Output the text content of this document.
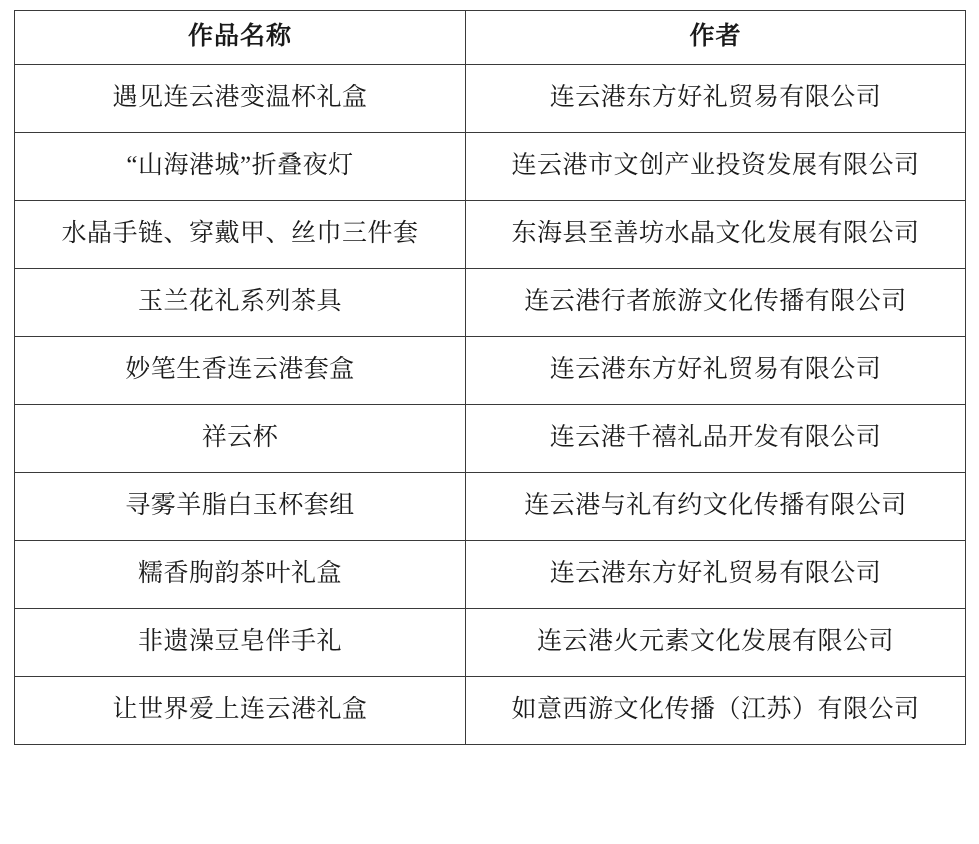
作品名称	作者
遇见连云港变温杯礼盒	连云港东方好礼贸易有限公司
“山海港城”折叠夜灯	连云港市文创产业投资发展有限公司
水晶手链、穿戴甲、丝巾三件套	东海县至善坊水晶文化发展有限公司
玉兰花礼系列茶具	连云港行者旅游文化传播有限公司
妙笔生香连云港套盒	连云港东方好礼贸易有限公司
祥云杯	连云港千禧礼品开发有限公司
寻雾羊脂白玉杯套组	连云港与礼有约文化传播有限公司
糯香朐韵茶叶礼盒	连云港东方好礼贸易有限公司
非遗澡豆皂伴手礼	连云港火元素文化发展有限公司
让世界爱上连云港礼盒	如意西游文化传播（江苏）有限公司
